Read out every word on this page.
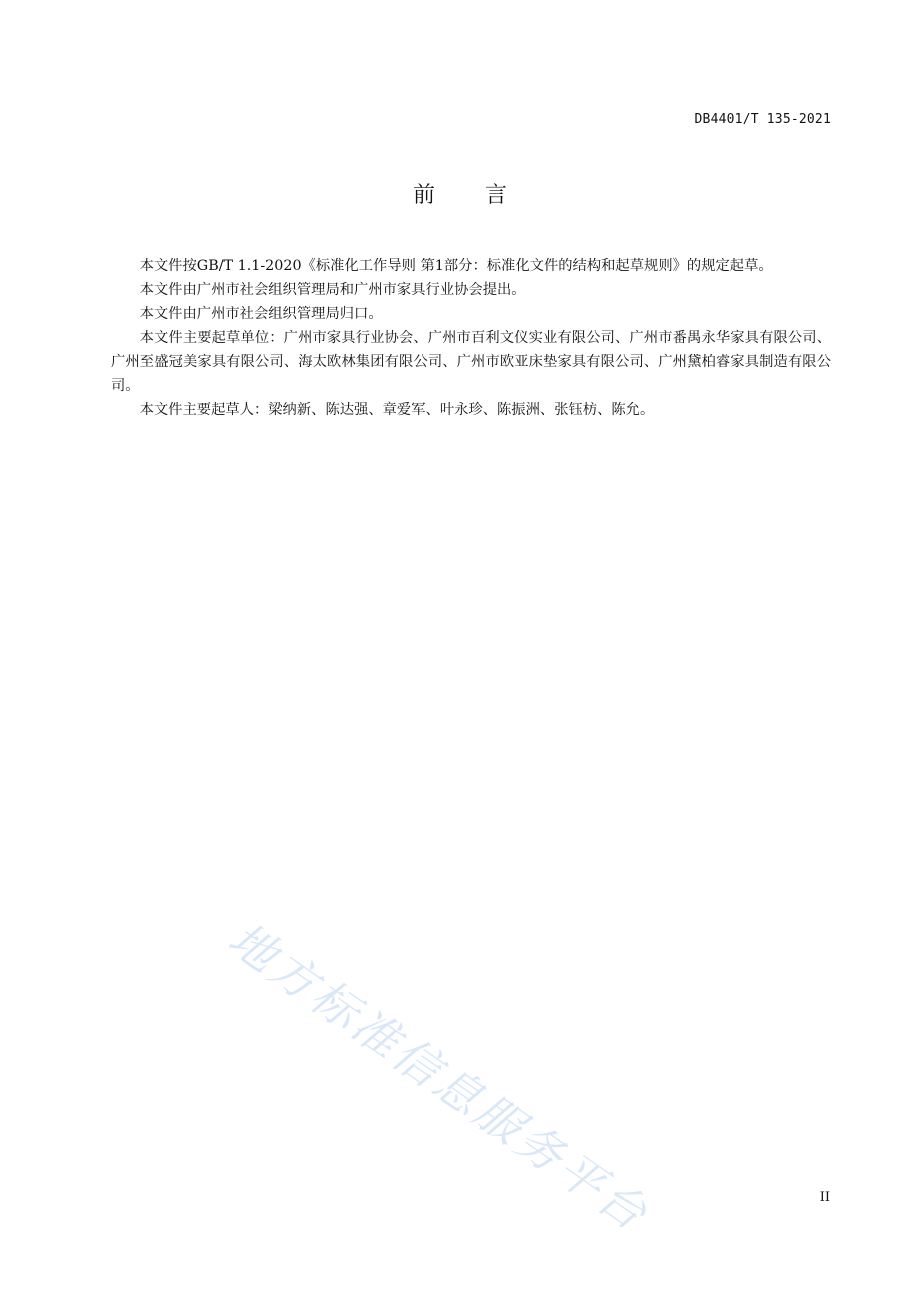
DB4401/T 135-2021
前言

本文件按GB/T 1.1-2020《标准化工作导则 第1部分：标准化文件的结构和起草规则》的规定起草。

本文件由广州市社会组织管理局和广州市家具行业协会提出。

本文件由广州市社会组织管理局归口。

本文件主要起草单位：广州市家具行业协会、广州市百利文仪实业有限公司、广州市番禺永华家具有限公司、广州至盛冠美家具有限公司、海太欧林集团有限公司、广州市欧亚床垫家具有限公司、广州黛柏睿家具制造有限公司。

本文件主要起草人：梁纳新、陈达强、章爱军、叶永珍、陈振洲、张钰枋、陈允。

地方标准信息服务平台	II
